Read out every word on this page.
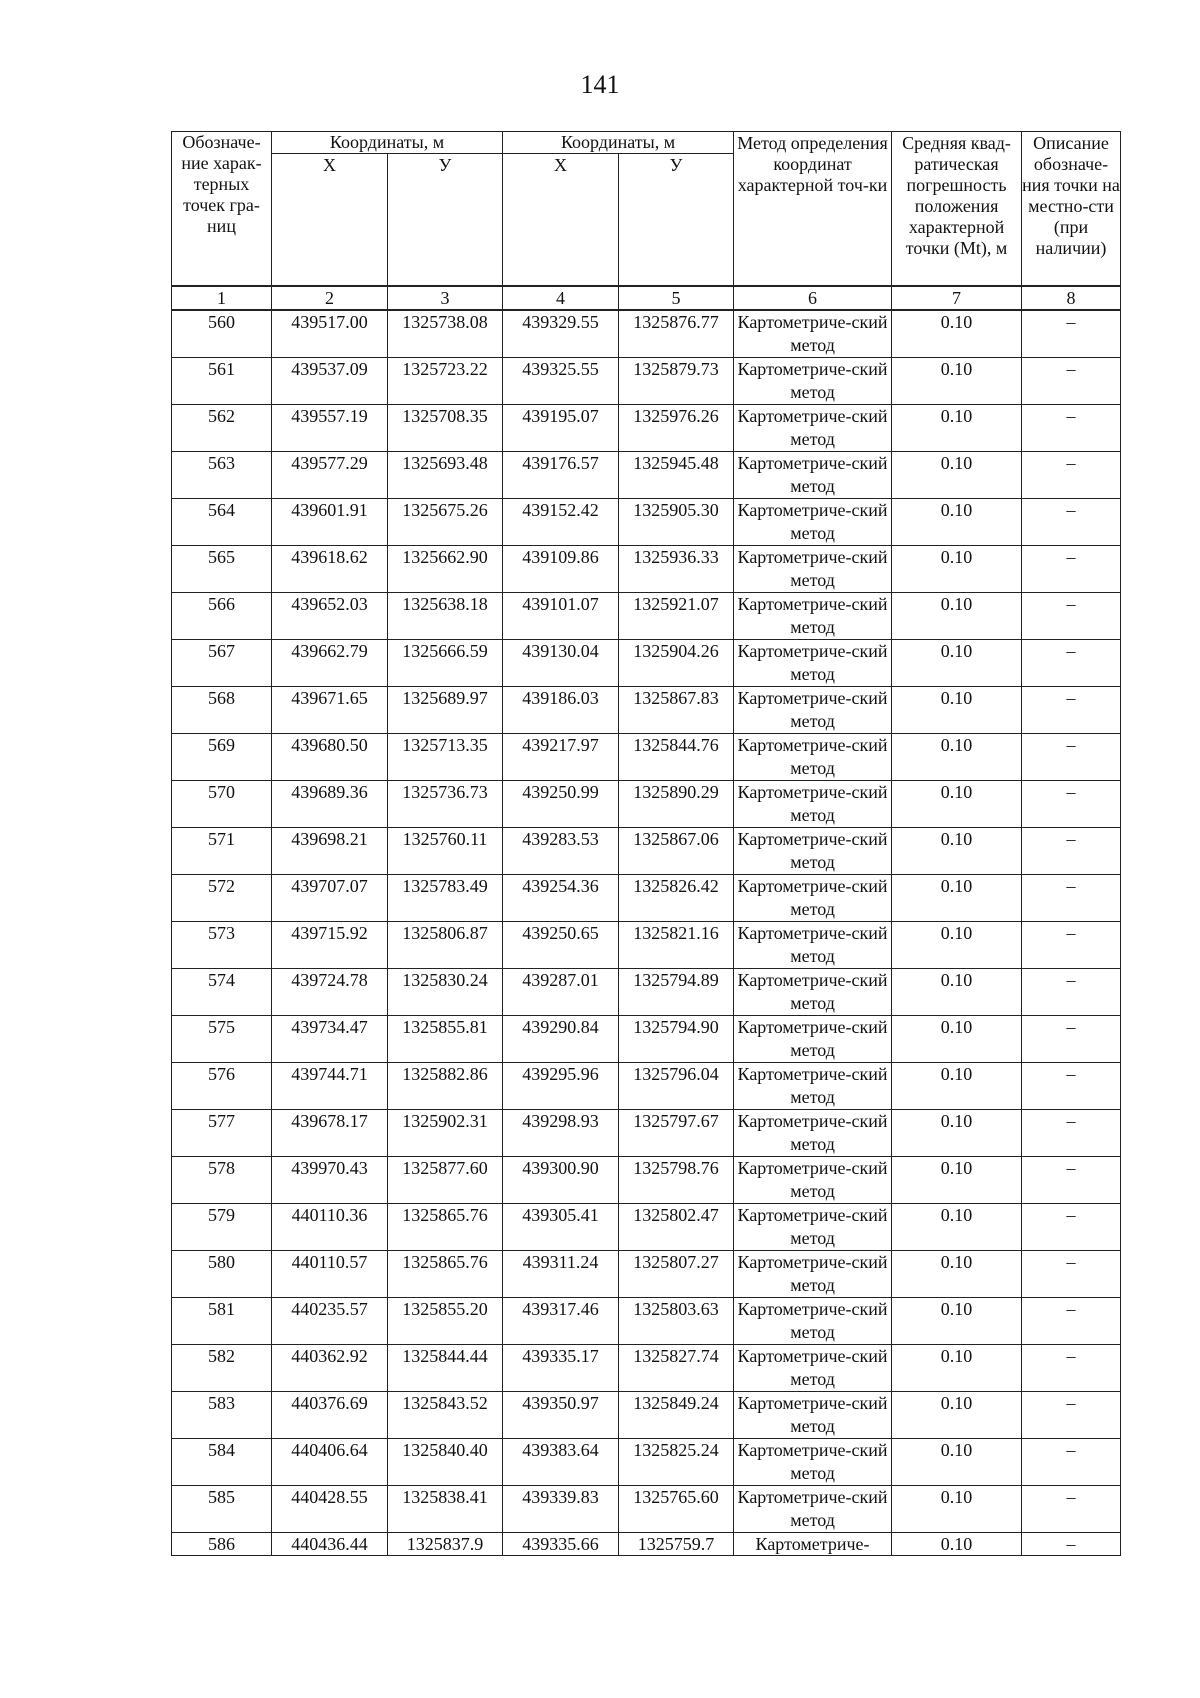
141
Обозначе-ние харак-терных точек гра-ниц	Координаты, м		Координаты, м		Метод определения координат характерной точ-ки	Средняя квад-ратическая погрешность положения характерной точки (Mt), м	Описание обозначе-ния точки на местно-сти (при наличии)
	X	У	X	У			
1	2	3	4	5	6	7	8
560	439517.00	1325738.08	439329.55	1325876.77	Картометриче-ский метод	0.10	–
561	439537.09	1325723.22	439325.55	1325879.73	Картометриче-ский метод	0.10	–
562	439557.19	1325708.35	439195.07	1325976.26	Картометриче-ский метод	0.10	–
563	439577.29	1325693.48	439176.57	1325945.48	Картометриче-ский метод	0.10	–
564	439601.91	1325675.26	439152.42	1325905.30	Картометриче-ский метод	0.10	–
565	439618.62	1325662.90	439109.86	1325936.33	Картометриче-ский метод	0.10	–
566	439652.03	1325638.18	439101.07	1325921.07	Картометриче-ский метод	0.10	–
567	439662.79	1325666.59	439130.04	1325904.26	Картометриче-ский метод	0.10	–
568	439671.65	1325689.97	439186.03	1325867.83	Картометриче-ский метод	0.10	–
569	439680.50	1325713.35	439217.97	1325844.76	Картометриче-ский метод	0.10	–
570	439689.36	1325736.73	439250.99	1325890.29	Картометриче-ский метод	0.10	–
571	439698.21	1325760.11	439283.53	1325867.06	Картометриче-ский метод	0.10	–
572	439707.07	1325783.49	439254.36	1325826.42	Картометриче-ский метод	0.10	–
573	439715.92	1325806.87	439250.65	1325821.16	Картометриче-ский метод	0.10	–
574	439724.78	1325830.24	439287.01	1325794.89	Картометриче-ский метод	0.10	–
575	439734.47	1325855.81	439290.84	1325794.90	Картометриче-ский метод	0.10	–
576	439744.71	1325882.86	439295.96	1325796.04	Картометриче-ский метод	0.10	–
577	439678.17	1325902.31	439298.93	1325797.67	Картометриче-ский метод	0.10	–
578	439970.43	1325877.60	439300.90	1325798.76	Картометриче-ский метод	0.10	–
579	440110.36	1325865.76	439305.41	1325802.47	Картометриче-ский метод	0.10	–
580	440110.57	1325865.76	439311.24	1325807.27	Картометриче-ский метод	0.10	–
581	440235.57	1325855.20	439317.46	1325803.63	Картометриче-ский метод	0.10	–
582	440362.92	1325844.44	439335.17	1325827.74	Картометриче-ский метод	0.10	–
583	440376.69	1325843.52	439350.97	1325849.24	Картометриче-ский метод	0.10	–
584	440406.64	1325840.40	439383.64	1325825.24	Картометриче-ский метод	0.10	–
585	440428.55	1325838.41	439339.83	1325765.60	Картометриче-ский метод	0.10	–
586	440436.44	1325837.9	439335.66	1325759.7	Картометриче-	0.10	–
